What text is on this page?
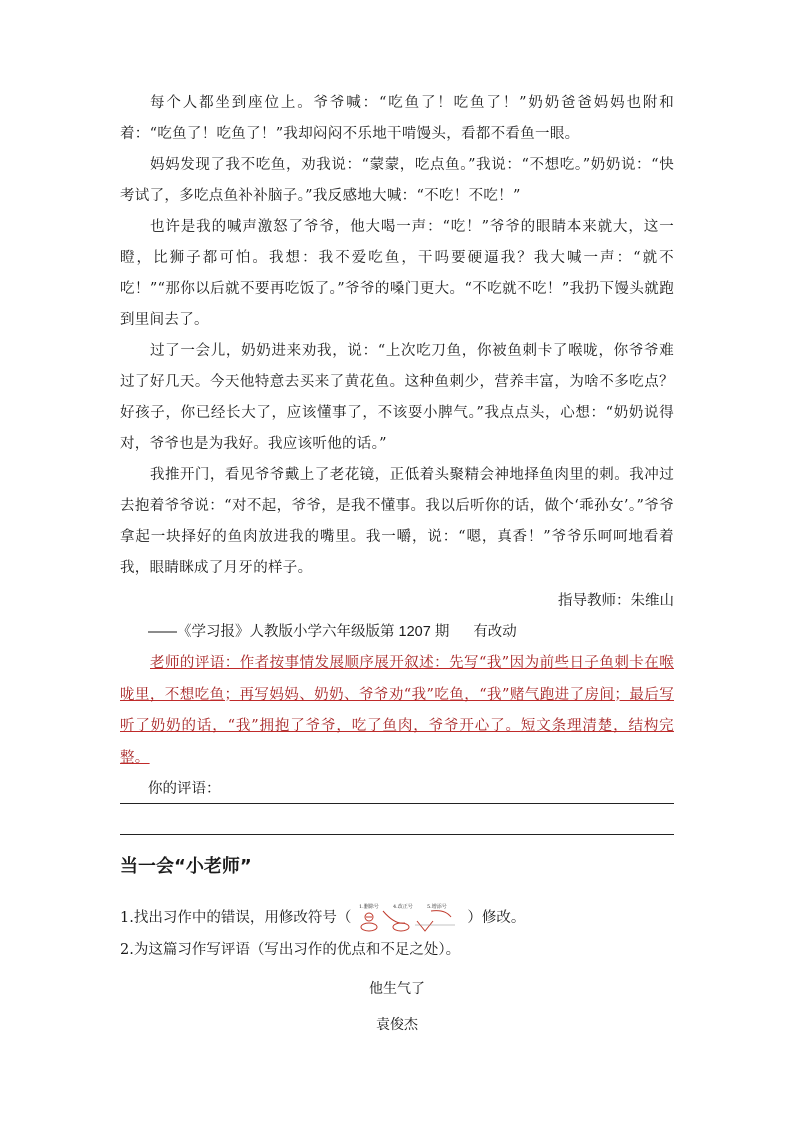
每个人都坐到座位上。爷爷喊：“吃鱼了！吃鱼了！”奶奶爸爸妈妈也附和着：“吃鱼了！吃鱼了！”我却闷闷不乐地干啃馒头，看都不看鱼一眼。

妈妈发现了我不吃鱼，劝我说：“蒙蒙，吃点鱼。”我说：“不想吃。”奶奶说：“快考试了，多吃点鱼补补脑子。”我反感地大喊：“不吃！不吃！”

也许是我的喊声激怒了爷爷，他大喝一声：“吃！”爷爷的眼睛本来就大，这一瞪，比狮子都可怕。我想：我不爱吃鱼，干吗要硬逼我？我大喊一声：“就不吃！”“那你以后就不要再吃饭了。”爷爷的嗓门更大。“不吃就不吃！”我扔下馒头就跑到里间去了。

过了一会儿，奶奶进来劝我，说：“上次吃刀鱼，你被鱼刺卡了喉咙，你爷爷难过了好几天。今天他特意去买来了黄花鱼。这种鱼刺少，营养丰富，为啥不多吃点？好孩子，你已经长大了，应该懂事了，不该耍小脾气。”我点点头，心想：“奶奶说得对，爷爷也是为我好。我应该听他的话。”

我推开门，看见爷爷戴上了老花镜，正低着头聚精会神地择鱼肉里的刺。我冲过去抱着爷爷说：“对不起，爷爷，是我不懂事。我以后听你的话，做个‘乖孙女’。”爷爷拿起一块择好的鱼肉放进我的嘴里。我一嚼，说：“嗯，真香！”爷爷乐呵呵地看着我，眼睛眯成了月牙的样子。

指导教师：朱维山

——《学习报》人教版小学六年级版第 1207 期 有改动

老师的评语：作者按事情发展顺序展开叙述：先写“我”因为前些日子鱼刺卡在喉咙里，不想吃鱼；再写妈妈、奶奶、爷爷劝“我”吃鱼，“我”赌气跑进了房间；最后写听了奶奶的话，“我”拥抱了爷爷，吃了鱼肉，爷爷开心了。短文条理清楚，结构完整。

你的评语：

当一会“小老师”

1.找出习作中的错误，用修改符号（
1.删除号	4.改正号	5.增添号
）修改。

2.为这篇习作写评语（写出习作的优点和不足之处）。

他生气了

袁俊杰
